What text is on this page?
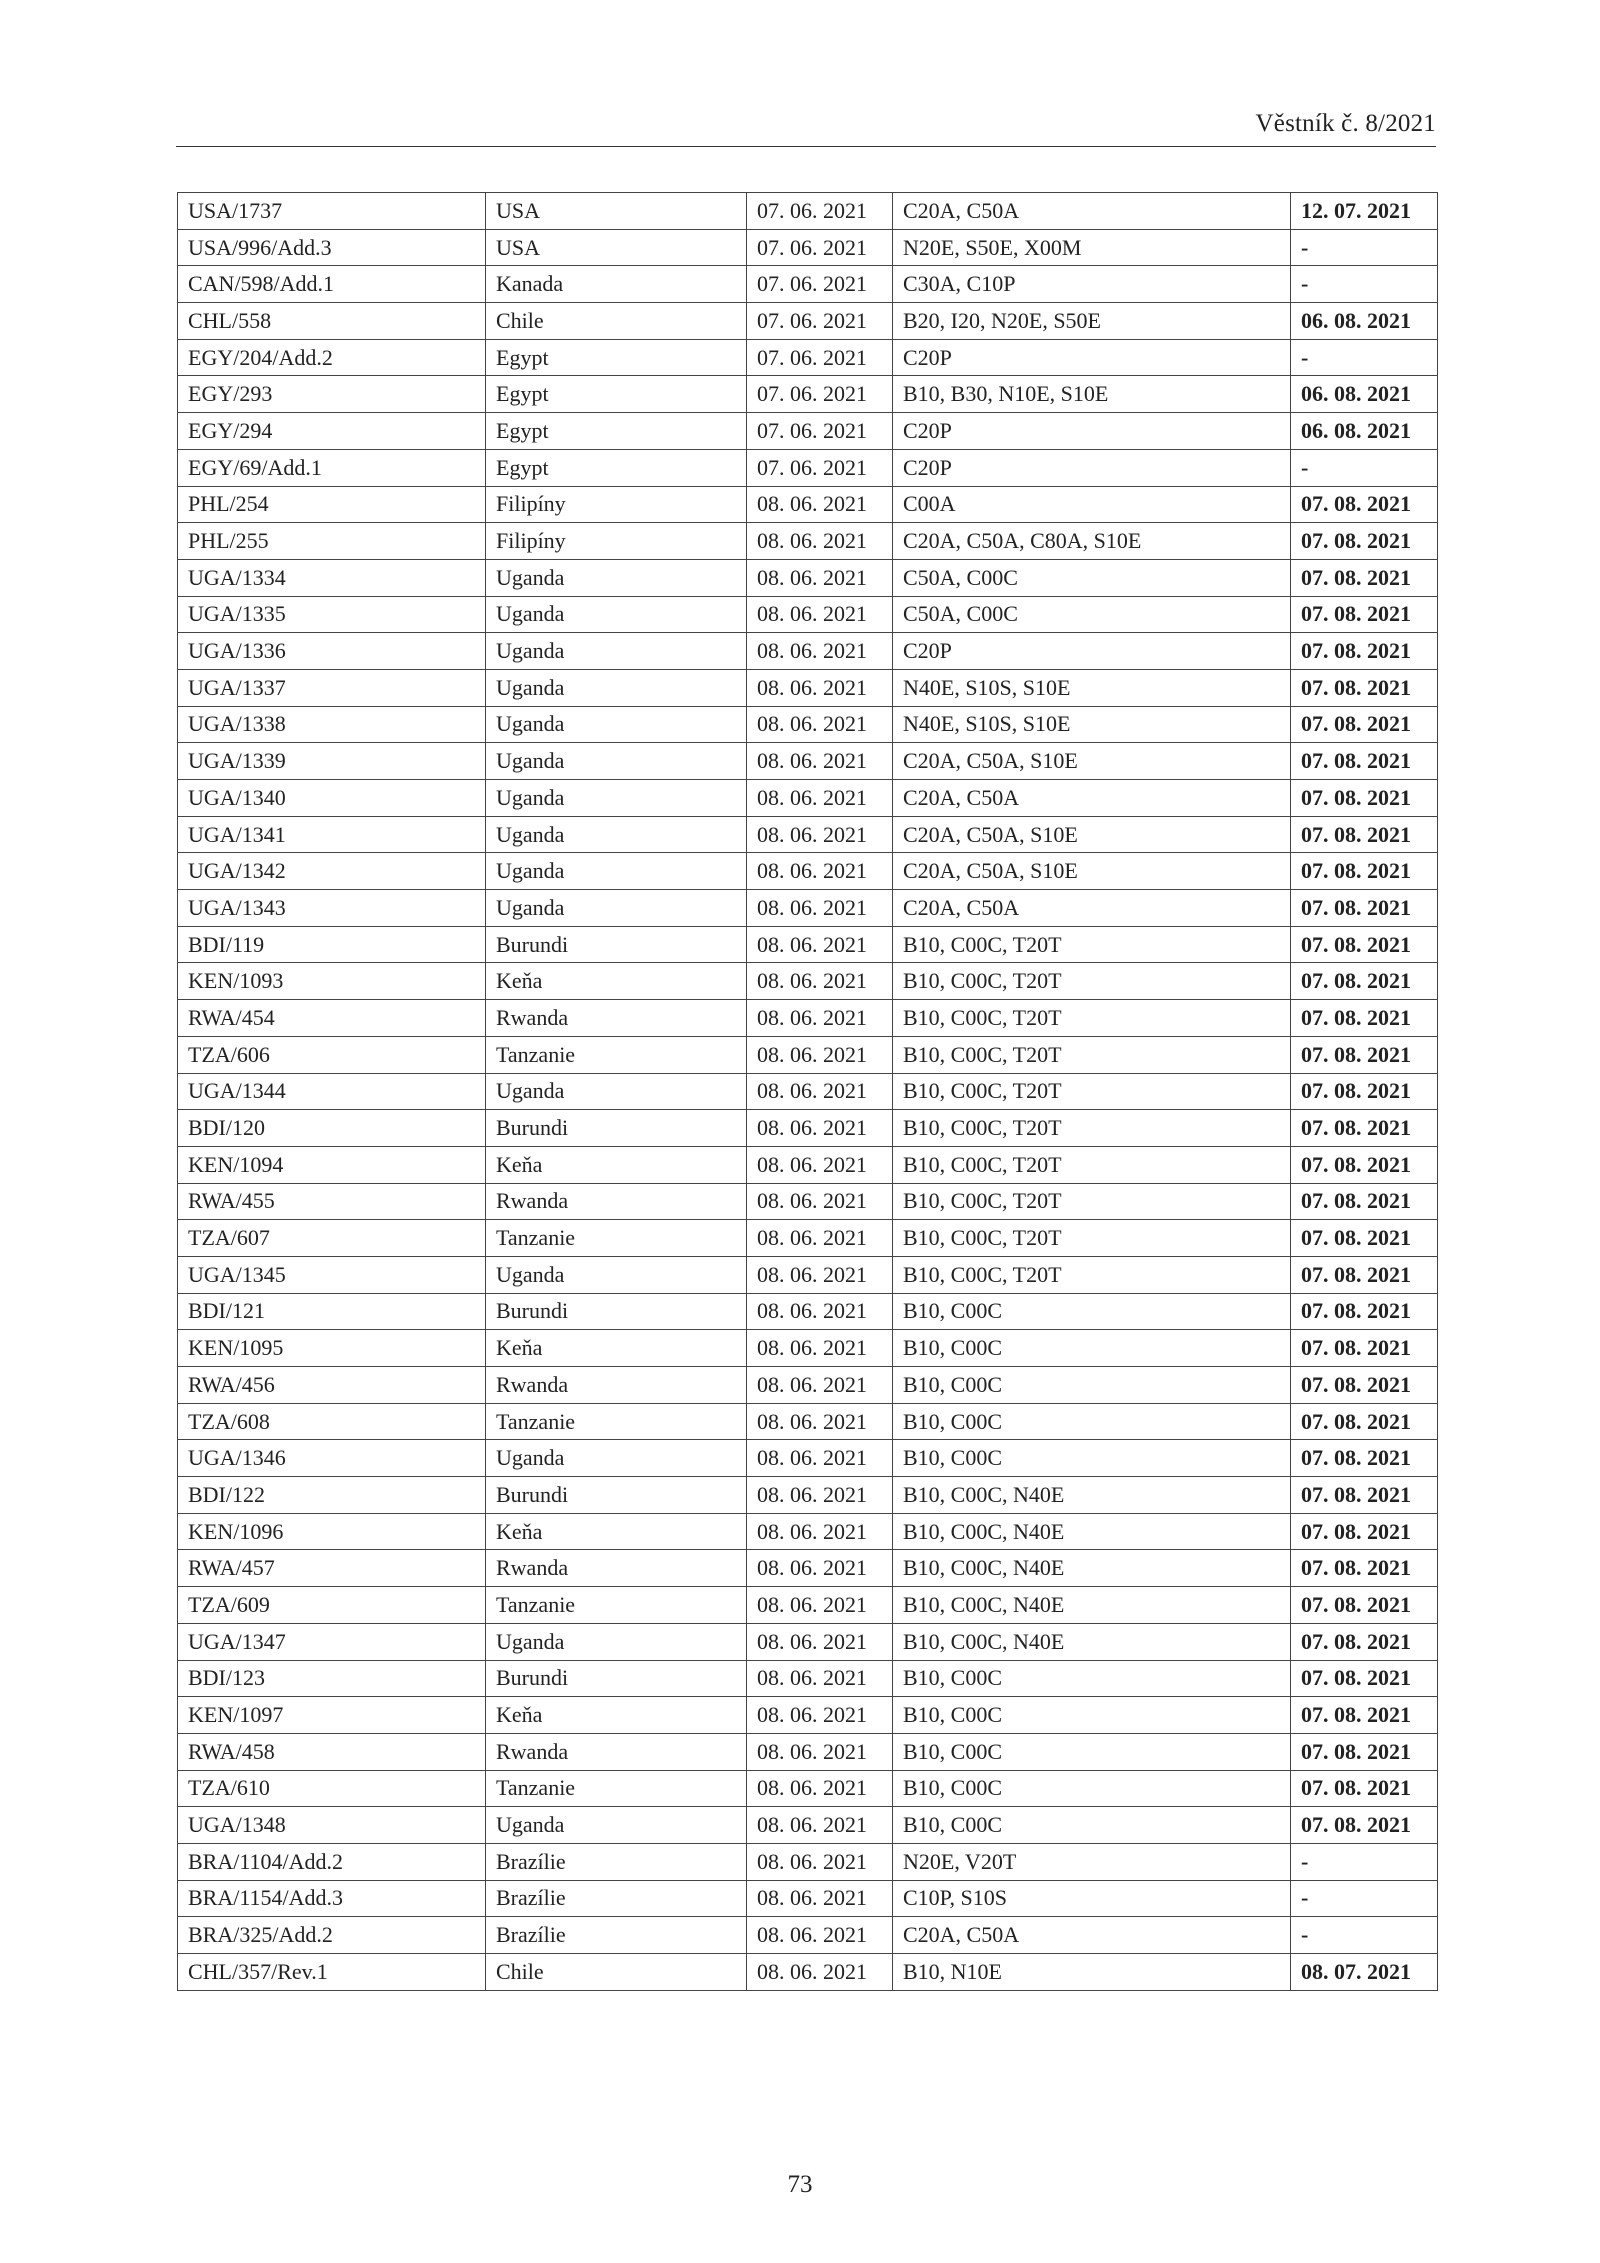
Věstník č. 8/2021
USA/1737	USA	07. 06. 2021	C20A, C50A	12. 07. 2021
USA/996/Add.3	USA	07. 06. 2021	N20E, S50E, X00M	-
CAN/598/Add.1	Kanada	07. 06. 2021	C30A, C10P	-
CHL/558	Chile	07. 06. 2021	B20, I20, N20E, S50E	06. 08. 2021
EGY/204/Add.2	Egypt	07. 06. 2021	C20P	-
EGY/293	Egypt	07. 06. 2021	B10, B30, N10E, S10E	06. 08. 2021
EGY/294	Egypt	07. 06. 2021	C20P	06. 08. 2021
EGY/69/Add.1	Egypt	07. 06. 2021	C20P	-
PHL/254	Filipíny	08. 06. 2021	C00A	07. 08. 2021
PHL/255	Filipíny	08. 06. 2021	C20A, C50A, C80A, S10E	07. 08. 2021
UGA/1334	Uganda	08. 06. 2021	C50A, C00C	07. 08. 2021
UGA/1335	Uganda	08. 06. 2021	C50A, C00C	07. 08. 2021
UGA/1336	Uganda	08. 06. 2021	C20P	07. 08. 2021
UGA/1337	Uganda	08. 06. 2021	N40E, S10S, S10E	07. 08. 2021
UGA/1338	Uganda	08. 06. 2021	N40E, S10S, S10E	07. 08. 2021
UGA/1339	Uganda	08. 06. 2021	C20A, C50A, S10E	07. 08. 2021
UGA/1340	Uganda	08. 06. 2021	C20A, C50A	07. 08. 2021
UGA/1341	Uganda	08. 06. 2021	C20A, C50A, S10E	07. 08. 2021
UGA/1342	Uganda	08. 06. 2021	C20A, C50A, S10E	07. 08. 2021
UGA/1343	Uganda	08. 06. 2021	C20A, C50A	07. 08. 2021
BDI/119	Burundi	08. 06. 2021	B10, C00C, T20T	07. 08. 2021
KEN/1093	Keňa	08. 06. 2021	B10, C00C, T20T	07. 08. 2021
RWA/454	Rwanda	08. 06. 2021	B10, C00C, T20T	07. 08. 2021
TZA/606	Tanzanie	08. 06. 2021	B10, C00C, T20T	07. 08. 2021
UGA/1344	Uganda	08. 06. 2021	B10, C00C, T20T	07. 08. 2021
BDI/120	Burundi	08. 06. 2021	B10, C00C, T20T	07. 08. 2021
KEN/1094	Keňa	08. 06. 2021	B10, C00C, T20T	07. 08. 2021
RWA/455	Rwanda	08. 06. 2021	B10, C00C, T20T	07. 08. 2021
TZA/607	Tanzanie	08. 06. 2021	B10, C00C, T20T	07. 08. 2021
UGA/1345	Uganda	08. 06. 2021	B10, C00C, T20T	07. 08. 2021
BDI/121	Burundi	08. 06. 2021	B10, C00C	07. 08. 2021
KEN/1095	Keňa	08. 06. 2021	B10, C00C	07. 08. 2021
RWA/456	Rwanda	08. 06. 2021	B10, C00C	07. 08. 2021
TZA/608	Tanzanie	08. 06. 2021	B10, C00C	07. 08. 2021
UGA/1346	Uganda	08. 06. 2021	B10, C00C	07. 08. 2021
BDI/122	Burundi	08. 06. 2021	B10, C00C, N40E	07. 08. 2021
KEN/1096	Keňa	08. 06. 2021	B10, C00C, N40E	07. 08. 2021
RWA/457	Rwanda	08. 06. 2021	B10, C00C, N40E	07. 08. 2021
TZA/609	Tanzanie	08. 06. 2021	B10, C00C, N40E	07. 08. 2021
UGA/1347	Uganda	08. 06. 2021	B10, C00C, N40E	07. 08. 2021
BDI/123	Burundi	08. 06. 2021	B10, C00C	07. 08. 2021
KEN/1097	Keňa	08. 06. 2021	B10, C00C	07. 08. 2021
RWA/458	Rwanda	08. 06. 2021	B10, C00C	07. 08. 2021
TZA/610	Tanzanie	08. 06. 2021	B10, C00C	07. 08. 2021
UGA/1348	Uganda	08. 06. 2021	B10, C00C	07. 08. 2021
BRA/1104/Add.2	Brazílie	08. 06. 2021	N20E, V20T	-
BRA/1154/Add.3	Brazílie	08. 06. 2021	C10P, S10S	-
BRA/325/Add.2	Brazílie	08. 06. 2021	C20A, C50A	-
CHL/357/Rev.1	Chile	08. 06. 2021	B10, N10E	08. 07. 2021
73
